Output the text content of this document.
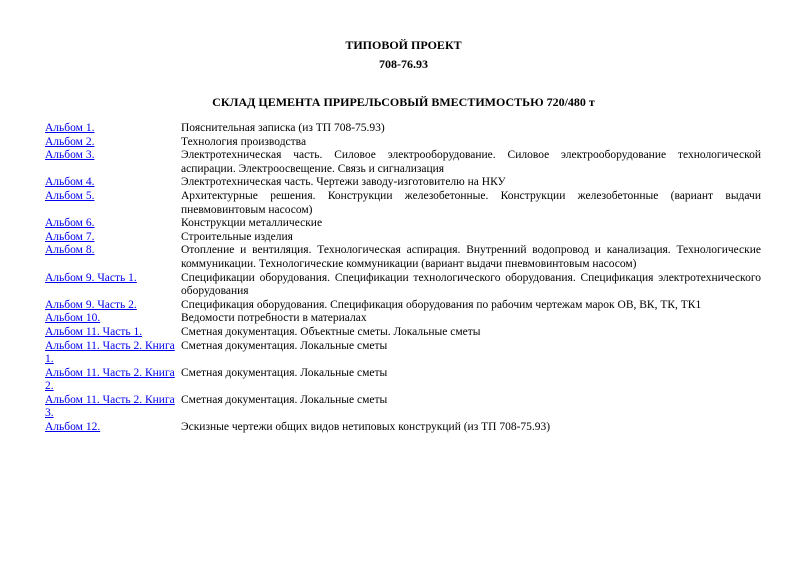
ТИПОВОЙ ПРОЕКТ
708-76.93
СКЛАД ЦЕМЕНТА ПРИРЕЛЬСОВЫЙ ВМЕСТИМОСТЬЮ 720/480 т
Альбом 1.	Пояснительная записка (из ТП 708-75.93)
Альбом 2.	Технология производства
Альбом 3.	Электротехническая часть. Силовое электрооборудование. Силовое электрооборудование технологической аспирации. Электроосвещение. Связь и сигнализация
Альбом 4.	Электротехническая часть. Чертежи заводу-изготовителю на НКУ
Альбом 5.	Архитектурные решения. Конструкции железобетонные. Конструкции железобетонные (вариант выдачи пневмовинтовым насосом)
Альбом 6.	Конструкции металлические
Альбом 7.	Строительные изделия
Альбом 8.	Отопление и вентиляция. Технологическая аспирация. Внутренний водопровод и канализация. Технологические коммуникации. Технологические коммуникации (вариант выдачи пневмовинтовым насосом)
Альбом 9. Часть 1.	Спецификации оборудования. Спецификации технологического оборудования. Спецификация электротехнического оборудования
Альбом 9. Часть 2.	Спецификация оборудования. Спецификация оборудования по рабочим чертежам марок ОВ, ВК, ТК, ТК1
Альбом 10.	Ведомости потребности в материалах
Альбом 11. Часть 1.	Сметная документация. Объектные сметы. Локальные сметы
Альбом 11. Часть 2. Книга 1.	Сметная документация. Локальные сметы
Альбом 11. Часть 2. Книга 2.	Сметная документация. Локальные сметы
Альбом 11. Часть 2. Книга 3.	Сметная документация. Локальные сметы
Альбом 12.	Эскизные чертежи общих видов нетиповых конструкций (из ТП 708-75.93)
